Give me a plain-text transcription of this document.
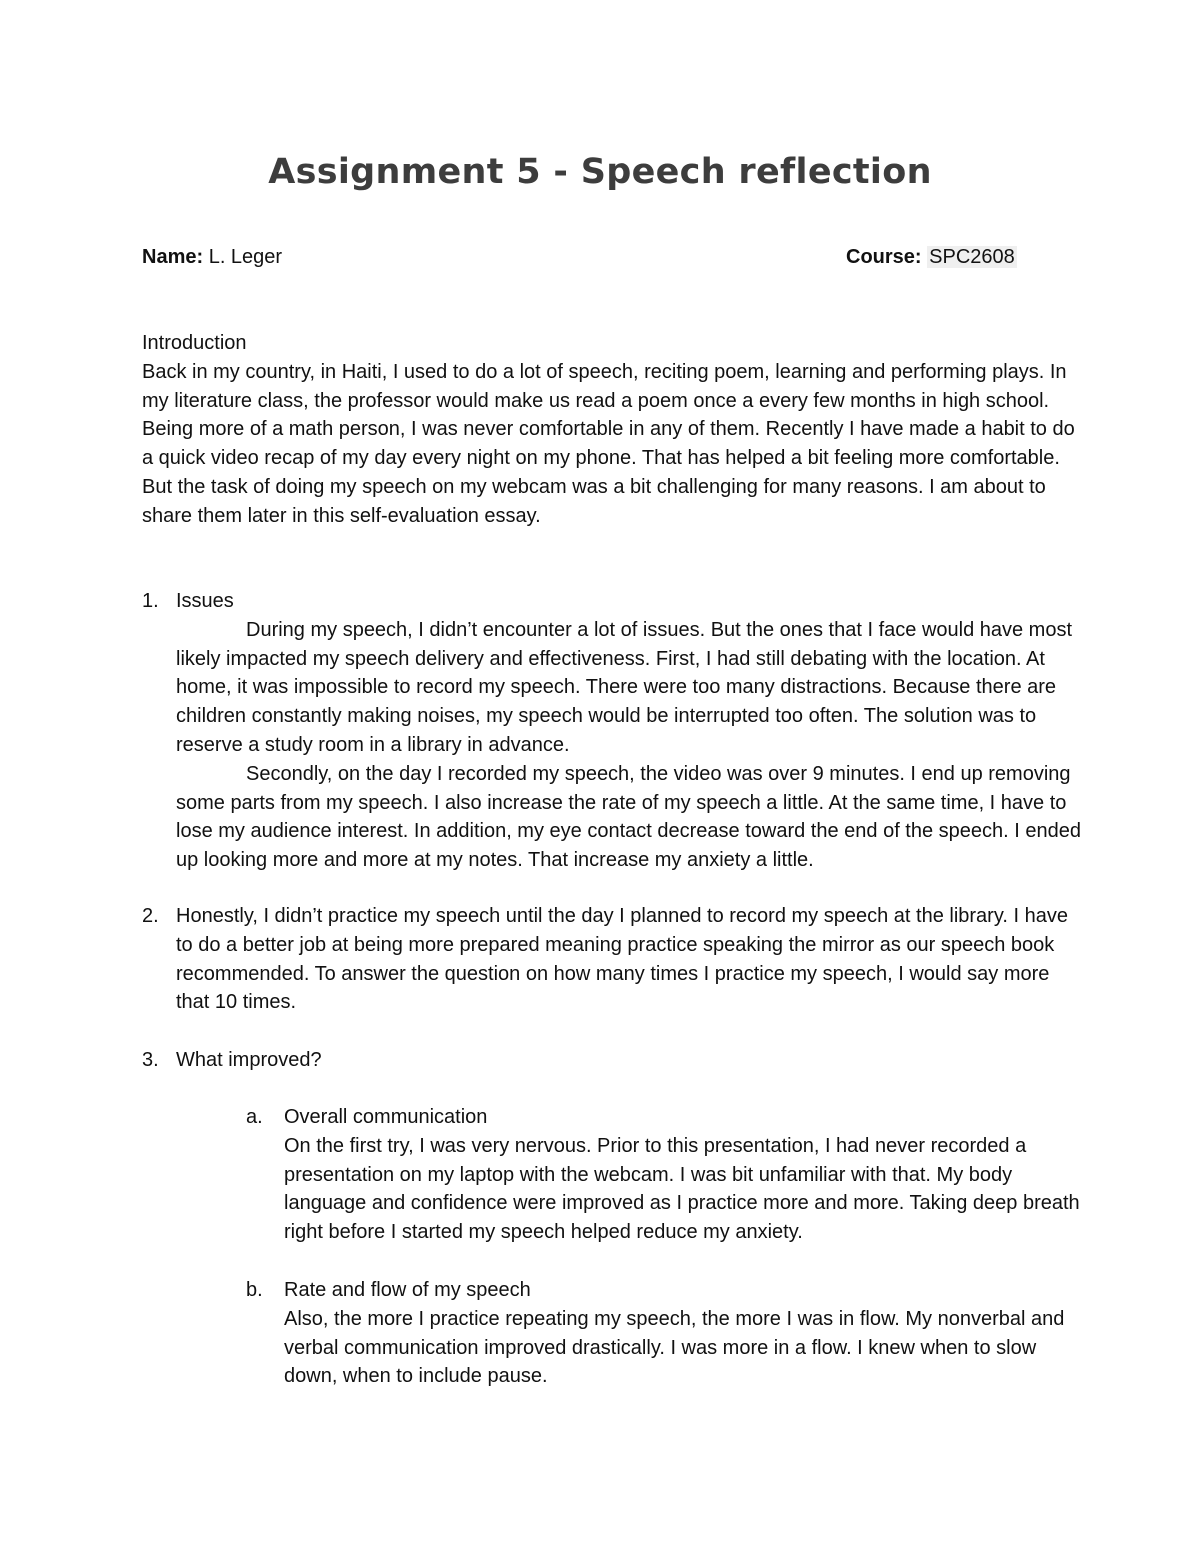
Assignment 5 - Speech reflection
Name: L. Leger	Course: SPC2608

Introduction

Back in my country, in Haiti, I used to do a lot of speech, reciting poem, learning and performing plays. In my literature class, the professor would make us read a poem once a every few months in high school. Being more of a math person, I was never comfortable in any of them. Recently I have made a habit to do a quick video recap of my day every night on my phone. That has helped a bit feeling more comfortable. But the task of doing my speech on my webcam was a bit challenging for many reasons. I am about to share them later in this self-evaluation essay.

1. Issues

During my speech, I didn’t encounter a lot of issues. But the ones that I face would have most likely impacted my speech delivery and effectiveness. First, I had still debating with the location. At home, it was impossible to record my speech. There were too many distractions. Because there are children constantly making noises, my speech would be interrupted too often. The solution was to reserve a study room in a library in advance.

Secondly, on the day I recorded my speech, the video was over 9 minutes. I end up removing some parts from my speech. I also increase the rate of my speech a little. At the same time, I have to lose my audience interest. In addition, my eye contact decrease toward the end of the speech. I ended up looking more and more at my notes. That increase my anxiety a little.

2. Honestly, I didn’t practice my speech until the day I planned to record my speech at the library. I have to do a better job at being more prepared meaning practice speaking the mirror as our speech book recommended. To answer the question on how many times I practice my speech, I would say more that 10 times.

3. What improved?

a.	Overall communication

On the first try, I was very nervous. Prior to this presentation, I had never recorded a presentation on my laptop with the webcam. I was bit unfamiliar with that. My body language and confidence were improved as I practice more and more. Taking deep breath right before I started my speech helped reduce my anxiety.

b.	Rate and flow of my speech

Also, the more I practice repeating my speech, the more I was in flow. My nonverbal and verbal communication improved drastically. I was more in a flow. I knew when to slow down, when to include pause.
